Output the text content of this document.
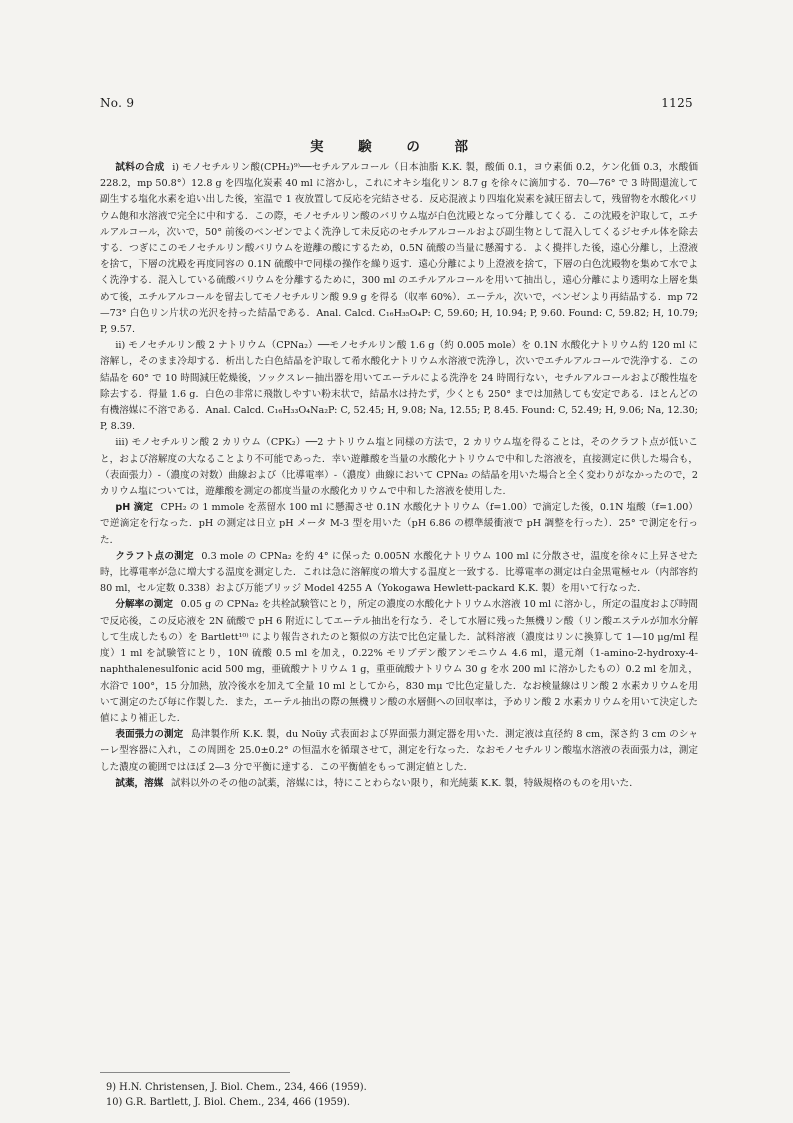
No. 9	1125
実 験 の 部

試料の合成 i) モノセチルリン酸(CPH₂)⁹⁾──セチルアルコール（日本油脂 K.K. 製，酸価 0.1，ヨウ素価 0.2，ケン化価 0.3，水酸価 228.2，mp 50.8°）12.8 g を四塩化炭素 40 ml に溶かし，これにオキシ塩化リン 8.7 g を徐々に滴加する．70—76° で 3 時間還流して副生する塩化水素を追い出した後，室温で 1 夜放置して反応を完結させる．反応混液より四塩化炭素を減圧留去して，残留物を水酸化バリウム飽和水溶液で完全に中和する．この際，モノセチルリン酸のバリウム塩が白色沈殿となって分離してくる．この沈殿を沪取して，エチルアルコール，次いで，50° 前後のベンゼンでよく洗浄して未反応のセチルアルコールおよび副生物として混入してくるジセチル体を除去する．つぎにこのモノセチルリン酸バリウムを遊離の酸にするため，0.5N 硫酸の当量に懸濁する．よく攪拌した後，遠心分離し，上澄液を捨て，下層の沈殿を再度同容の 0.1N 硫酸中で同様の操作を繰り返す．遠心分離により上澄液を捨て，下層の白色沈殿物を集めて水でよく洗浄する．混入している硫酸バリウムを分離するために，300 ml のエチルアルコールを用いて抽出し，遠心分離により透明な上層を集めて後，エチルアルコールを留去してモノセチルリン酸 9.9 g を得る（収率 60%）．エーテル，次いで，ベンゼンより再結晶する．mp 72—73° 白色リン片状の光沢を持った結晶である．Anal. Calcd. C₁₆H₃₅O₄P: C, 59.60; H, 10.94; P, 9.60. Found: C, 59.82; H, 10.79; P, 9.57.

ii) モノセチルリン酸 2 ナトリウム（CPNa₂）──モノセチルリン酸 1.6 g（約 0.005 mole）を 0.1N 水酸化ナトリウム約 120 ml に溶解し，そのまま冷却する．析出した白色結晶を沪取して希水酸化ナトリウム水溶液で洗浄し，次いでエチルアルコールで洗浄する．この結晶を 60° で 10 時間減圧乾燥後，ソックスレー抽出器を用いてエーテルによる洗浄を 24 時間行ない，セチルアルコールおよび酸性塩を除去する．得量 1.6 g．白色の非常に飛散しやすい粉末状で，結晶水は持たず，少くとも 250° までは加熱しても安定である．ほとんどの有機溶媒に不溶である．Anal. Calcd. C₁₆H₃₃O₄Na₂P: C, 52.45; H, 9.08; Na, 12.55; P, 8.45. Found: C, 52.49; H, 9.06; Na, 12.30; P, 8.39.

iii) モノセチルリン酸 2 カリウム（CPK₂）──2 ナトリウム塩と同様の方法で，2 カリウム塩を得ることは，そのクラフト点が低いこと，および溶解度の大なることより不可能であった．幸い遊離酸を当量の水酸化ナトリウムで中和した溶液を，直接測定に供した場合も，（表面張力）-（濃度の対数）曲線および（比導電率）-（濃度）曲線において CPNa₂ の結晶を用いた場合と全く変わりがなかったので，2 カリウム塩については，遊離酸を測定の都度当量の水酸化カリウムで中和した溶液を使用した.

pH 滴定 CPH₂ の 1 mmole を蒸留水 100 ml に懸濁させ 0.1N 水酸化ナトリウム（f=1.00）で滴定した後，0.1N 塩酸（f=1.00）で逆滴定を行なった．pH の測定は日立 pH メータ M-3 型を用いた（pH 6.86 の標準緩衝液で pH 調整を行った）．25° で測定を行った．

クラフト点の測定 0.3 mole の CPNa₂ を約 4° に保った 0.005N 水酸化ナトリウム 100 ml に分散させ，温度を徐々に上昇させた時，比導電率が急に増大する温度を測定した．これは急に溶解度の増大する温度と一致する．比導電率の測定は白金黒電極セル（内部容約 80 ml，セル定数 0.338）および万能ブリッジ Model 4255 A（Yokogawa Hewlett-packard K.K. 製）を用いて行なった．

分解率の測定 0.05 g の CPNa₂ を共栓試験管にとり，所定の濃度の水酸化ナトリウム水溶液 10 ml に溶かし，所定の温度および時間で反応後，この反応液を 2N 硫酸で pH 6 附近にしてエーテル抽出を行なう．そして水層に残った無機リン酸（リン酸エステルが加水分解して生成したもの）を Bartlett¹⁰⁾ により報告されたのと類似の方法で比色定量した．試料溶液（濃度はリンに換算して 1—10 μg/ml 程度）1 ml を試験管にとり，10N 硫酸 0.5 ml を加え，0.22% モリブデン酸アンモニウム 4.6 ml，還元剤（1-amino-2-hydroxy-4-naphthalenesulfonic acid 500 mg，亜硫酸ナトリウム 1 g，重亜硫酸ナトリウム 30 g を水 200 ml に溶かしたもの）0.2 ml を加え，水浴で 100°，15 分加熱，放冷後水を加えて全量 10 ml としてから，830 mμ で比色定量した．なお検量線はリン酸 2 水素カリウムを用いて測定のたび毎に作製した．また，エーテル抽出の際の無機リン酸の水層側への回収率は，予めリン酸 2 水素カリウムを用いて決定した値により補正した．

表面張力の測定 島津製作所 K.K. 製，du Noüy 式表面および界面張力測定器を用いた．測定液は直径約 8 cm，深さ約 3 cm のシャーレ型容器に入れ，この周囲を 25.0±0.2° の恒温水を循環させて，測定を行なった．なおモノセチルリン酸塩水溶液の表面張力は，測定した濃度の範囲ではほぼ 2—3 分で平衡に達する．この平衡値をもって測定値とした．

試薬，溶媒 試料以外のその他の試薬，溶媒には，特にことわらない限り，和光純薬 K.K. 製，特級規格のものを用いた．

9) H.N. Christensen, J. Biol. Chem., 234, 466 (1959).
10) G.R. Bartlett, J. Biol. Chem., 234, 466 (1959).
